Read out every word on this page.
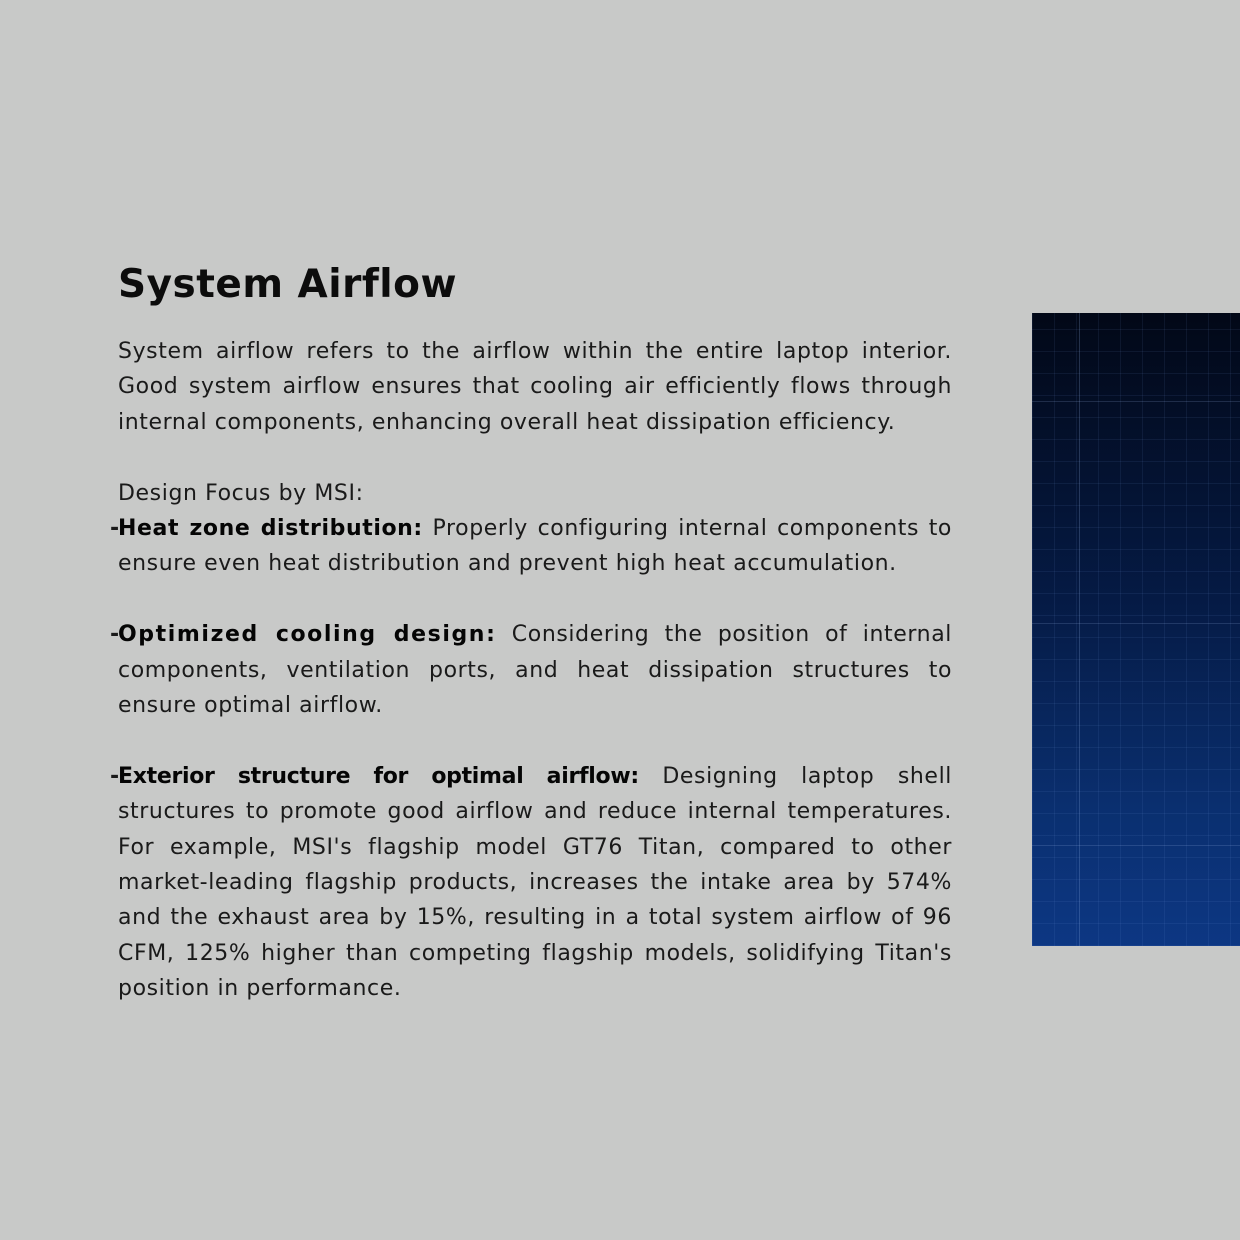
System Airflow

System airflow refers to the airflow within the entire laptop interior. Good system airflow ensures that cooling air efficiently flows through internal components, enhancing overall heat dissipation efficiency.

Design Focus by MSI:

-
Heat zone distribution: Properly configuring internal components to ensure even heat distribution and prevent high heat accumulation.

-
Optimized cooling design: Considering the position of internal components, ventilation ports, and heat dissipation structures to ensure optimal airflow.

-
Exterior structure for optimal airflow: Designing laptop shell structures to promote good airflow and reduce internal temperatures. For example, MSI's flagship model GT76 Titan, compared to other market-leading flagship products, increases the intake area by 574% and the exhaust area by 15%, resulting in a total system airflow of 96 CFM, 125% higher than competing flagship models, solidifying Titan's position in performance.
